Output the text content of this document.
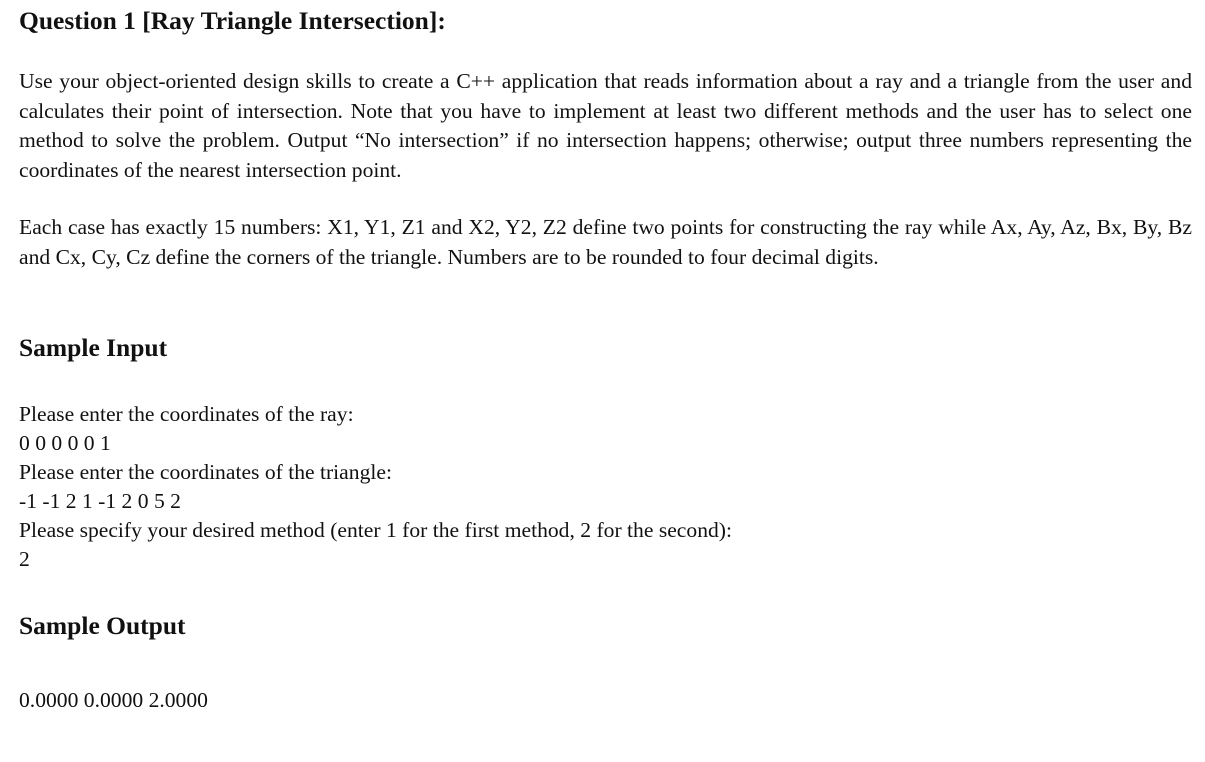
Question 1 [Ray Triangle Intersection]:

Use your object-oriented design skills to create a C++ application that reads information about a ray and a triangle from the user and calculates their point of intersection. Note that you have to implement at least two different methods and the user has to select one method to solve the problem. Output “No intersection” if no intersection happens; otherwise; output three numbers representing the coordinates of the nearest intersection point.

Each case has exactly 15 numbers: X1, Y1, Z1 and X2, Y2, Z2 define two points for constructing the ray while Ax, Ay, Az, Bx, By, Bz and Cx, Cy, Cz define the corners of the triangle. Numbers are to be rounded to four decimal digits.

Sample Input
Please enter the coordinates of the ray:
0 0 0 0 0 1
Please enter the coordinates of the triangle:
-1 -1 2 1 -1 2 0 5 2
Please specify your desired method (enter 1 for the first method, 2 for the second):
2
Sample Output
0.0000 0.0000 2.0000
